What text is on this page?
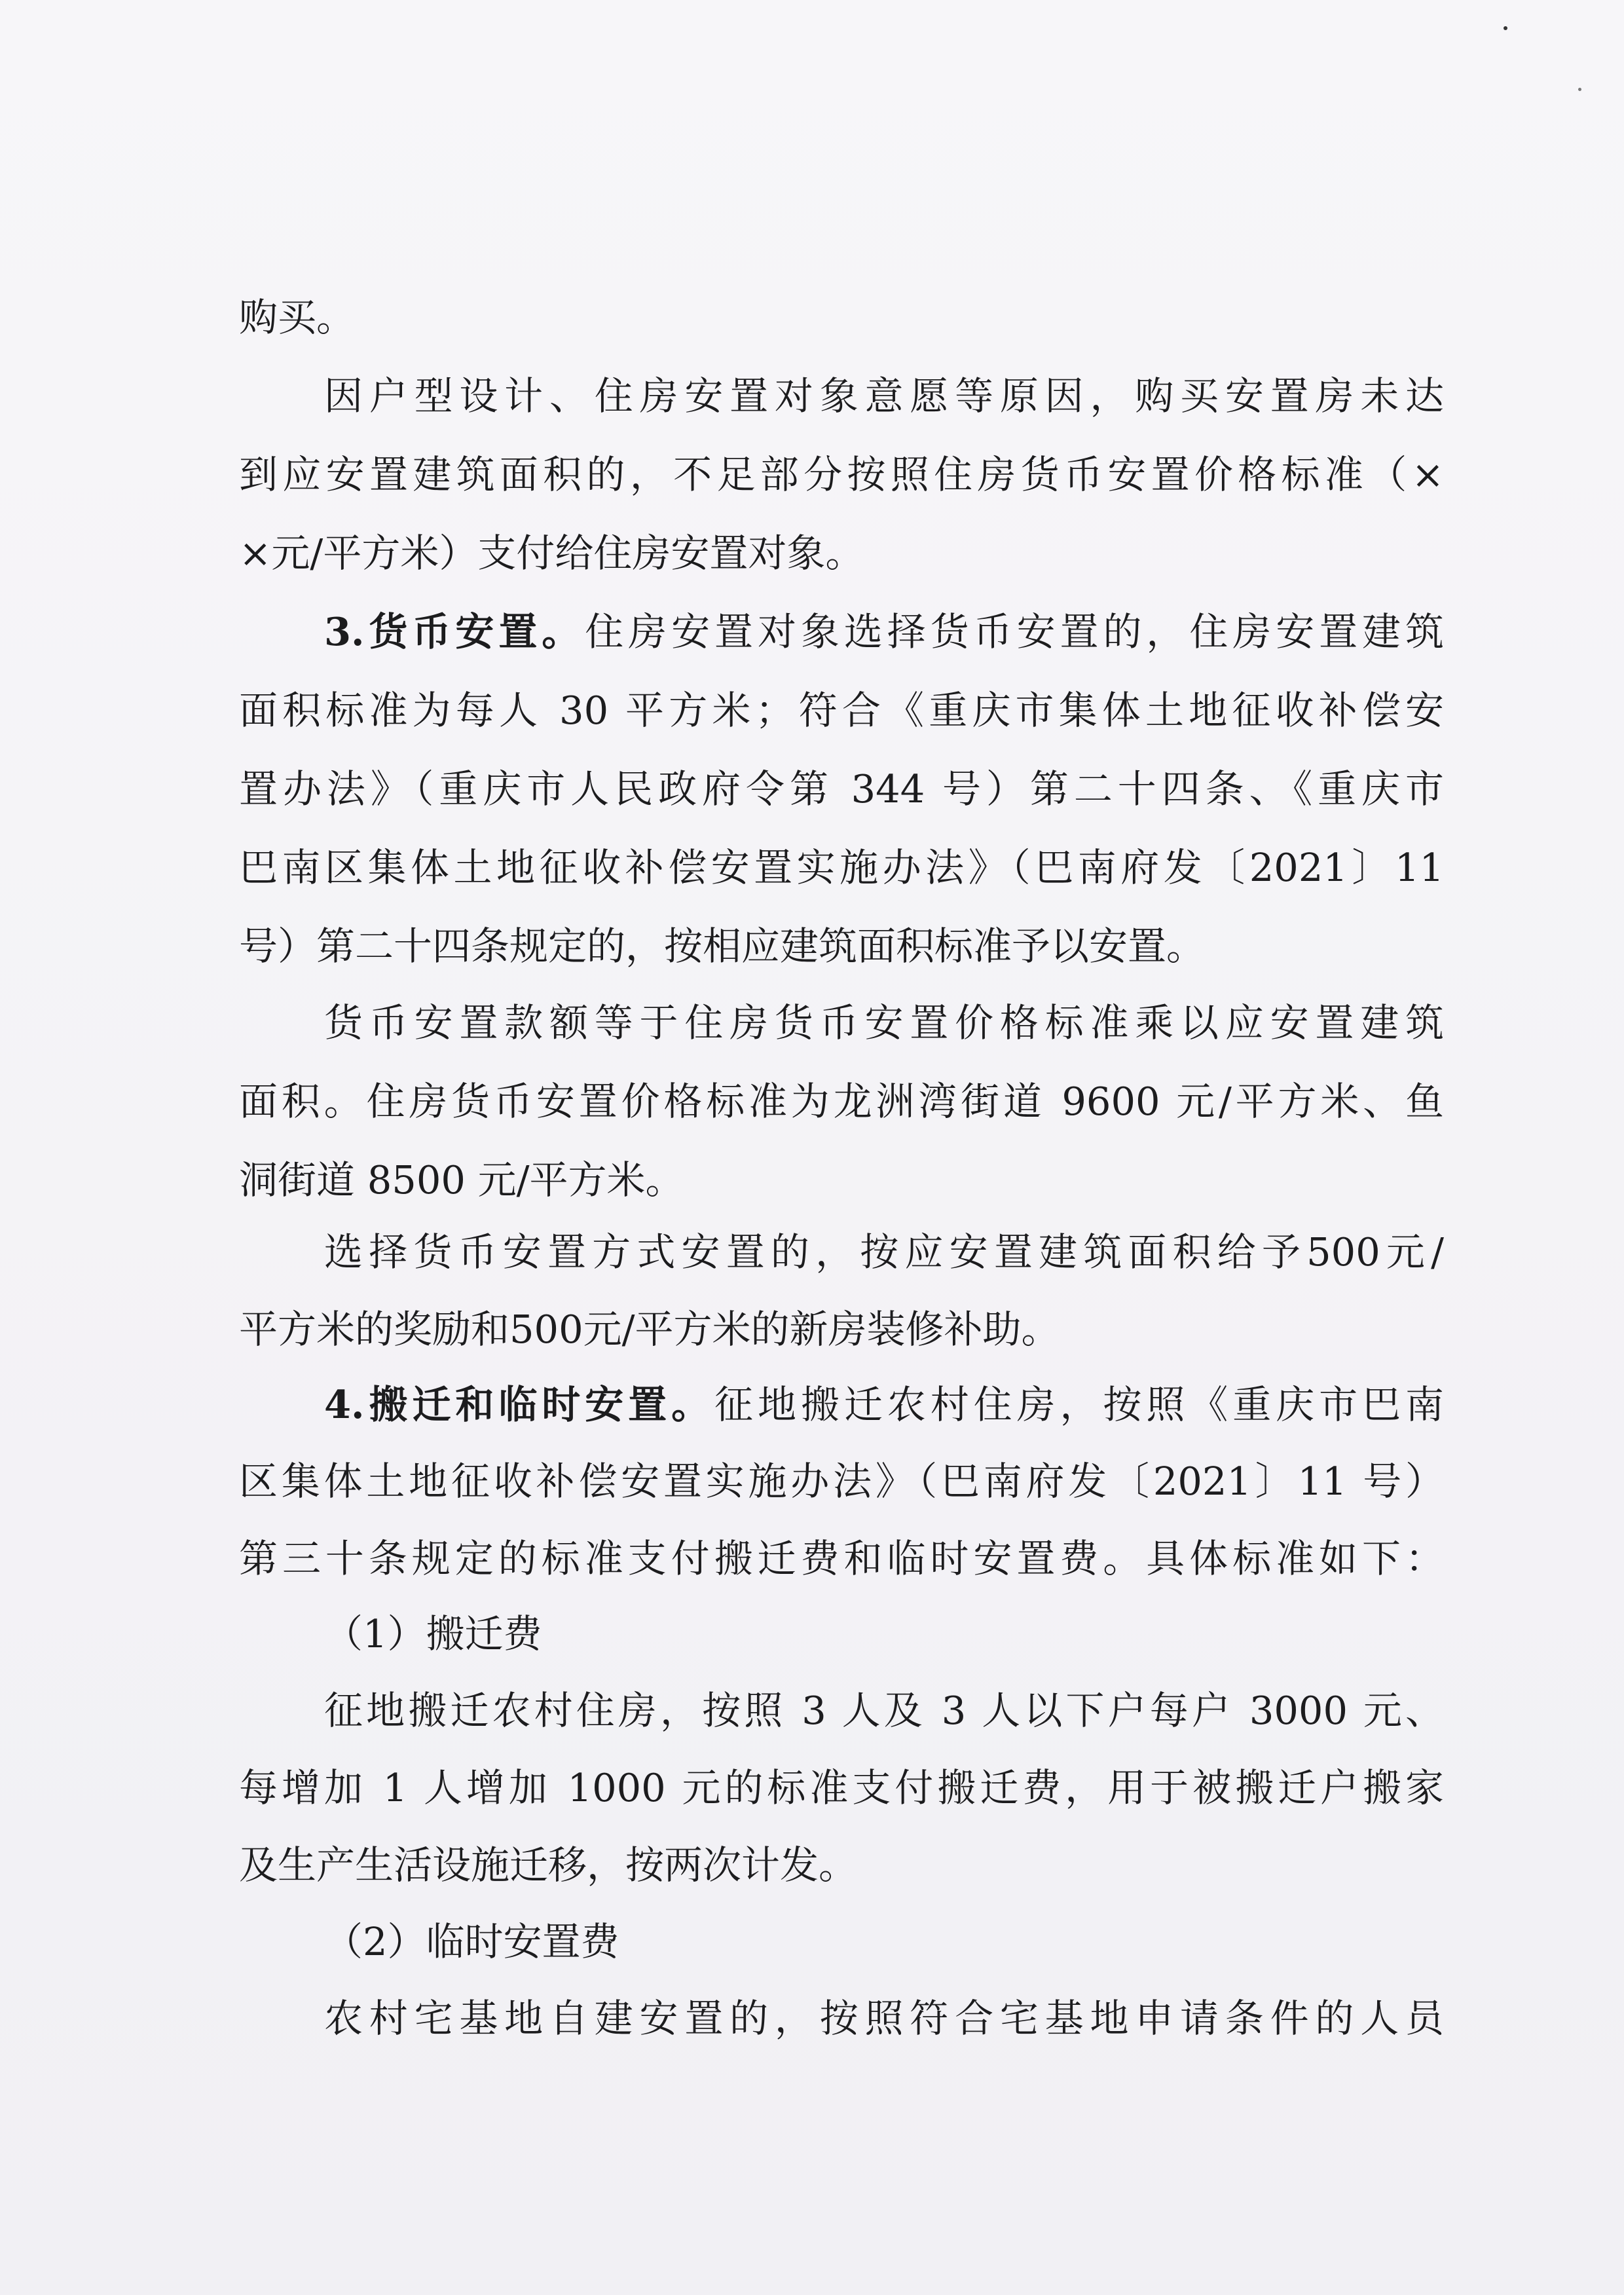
购买。
因户型设计、住房安置对象意愿等原因，购买安置房未达
到应安置建筑面积的，不足部分按照住房货币安置价格标准（×
×元/平方米）支付给住房安置对象。
3.货币安置。住房安置对象选择货币安置的，住房安置建筑
面积标准为每人 30 平方米；符合《重庆市集体土地征收补偿安
置办法》（重庆市人民政府令第 344 号）第二十四条、《重庆市
巴南区集体土地征收补偿安置实施办法》（巴南府发〔2021〕11
号）第二十四条规定的，按相应建筑面积标准予以安置。
货币安置款额等于住房货币安置价格标准乘以应安置建筑
面积。住房货币安置价格标准为龙洲湾街道 9600 元/平方米、鱼
洞街道 8500 元/平方米。
选择货币安置方式安置的，按应安置建筑面积给予500元/
平方米的奖励和500元/平方米的新房装修补助。
4.搬迁和临时安置。征地搬迁农村住房，按照《重庆市巴南
区集体土地征收补偿安置实施办法》（巴南府发〔2021〕11 号）
第三十条规定的标准支付搬迁费和临时安置费。具体标准如下：
（1）搬迁费
征地搬迁农村住房，按照 3 人及 3 人以下户每户 3000 元、
每增加 1 人增加 1000 元的标准支付搬迁费，用于被搬迁户搬家
及生产生活设施迁移，按两次计发。
（2）临时安置费
农村宅基地自建安置的，按照符合宅基地申请条件的人员
